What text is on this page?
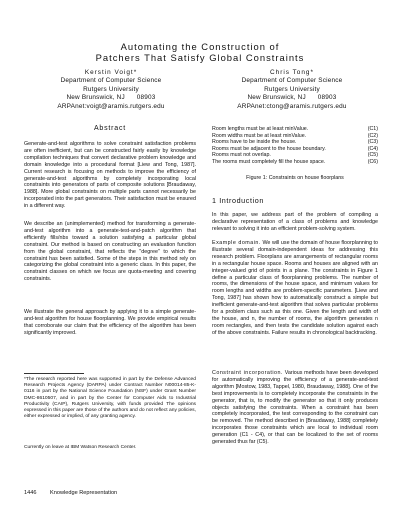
Automating the Construction of
Patchers That Satisfy Global Constraints
Kerstin Voigt*
Department of Computer Science
Rutgers University
New Brunswick, NJ      08903
ARPAnet:voigt@aramis.rutgers.edu
Chris Tong*
Department of Computer Science
Rutgers University
New Brunswick, NJ      08903
ARPAnet:ctong@aramis.rutgers.edu
Abstract

Generate-and-test algorithms to solve constraint satisfaction problems are often inefficient, but can be constructed fairly easily by knowledge compilation techniques that convert declarative problem knowledge and domain knowledge into a procedural format [Liew and Tong, 1987]. Current research is focusing on methods to improve the efficiency of generate-and-test algorithms by completely incorporating local constraints into generators of parts of composite solutions [Braudaway, 1988]. More global constraints on multiple parts cannot necessarily be incorporated into the part generators. Their satisfaction must be ensured in a different way.

We describe an (unimplemented) method for transforming a generate-and-test algorithm into a generate-test-and-patch algorithm that efficiently fills/nbs toward a solution satisfying a particular global constraint. Our method is based on constructing an evaluation function from the global constraint, that reflects the "degree" to which the constraint has been satisfied. Some of the steps in this method rely on categorizing the global constraint into a generic class. In this paper, the constraint classes on which we focus are quota-meeting and covering constraints.

We illustrate the general approach by applying it to a simple generate-and-test algorithm for house floorplanning. We provide empirical results that corroborate our claim that the efficiency of the algorithm has been significantly improved.

*The research reported here was supported in part by the Defense Advanced Research Projects Agency (DARPA) under Contract Number N00014-85-K-0116 in part by the National Science Foundation (NSF) under Grant Number DMC-8610507, and in part by the Center for Computer Aids to Industrial Productivity (CAIP), Rutgers University, with funds provided The opinions expressed in this paper are those of the authors and do not reflect any policies, either expressed or implied, of any granting agency.

Currently on leave at IBM Watson Research Center.

Room lengths must be at least minValue.	(C1)
Room widths must be at least minValue.	(C2)
Rooms have to be inside the house.	(C3)
Rooms must be adjacent to the house boundary.	(C4)
Rooms must not overlap.	(C5)
The rooms must completely fill the house space.	(C6)
Figure 1: Constraints on house floorplans
1 Introduction

In this paper, we address part of the problem of compiling a declarative representation of a class of problems and knowledge relevant to solving it into an efficient problem-solving system.

Example domain. We will use the domain of house floorplanning to illustrate several domain-independent ideas for addressing this research problem. Floorplans are arrangements of rectangular rooms in a rectangular house space. Rooms and houses are aligned with an integer-valued grid of points in a plane. The constraints in Figure 1 define a particular class of floorplanning problems. The number of rooms, the dimensions of the house space, and minimum values for room lengths and widths are problem-specific parameters. [Liew and Tong, 1987] has shown how to automatically construct a simple but inefficient generate-and-test algorithm that solves particular problems for a problem class such as this one. Given the length and width of the house, and n, the number of rooms, the algorithm generates n room rectangles, and then tests the candidate solution against each of the above constraints. Failure results in chronological backtracking.

Constraint incorporation. Various methods have been developed for automatically improving the efficiency of a generate-and-test algorithm [Mostow, 1983, Tappel, 1980, Braudaway, 1988]. One of the best improvements is to completely incorporate the constraints in the generator, that is, to modify the generator so that it only produces objects satisfying the constraints. When a constraint has been completely incorporated, the test corresponding to the constraint can be removed. The method described in [Braudaway, 1988] completely incorporates those constraints which are local to individual room generation (C1 - C4), or that can be localized to the set of rooms generated thus far (C5).

1446 Knowledge Representation
